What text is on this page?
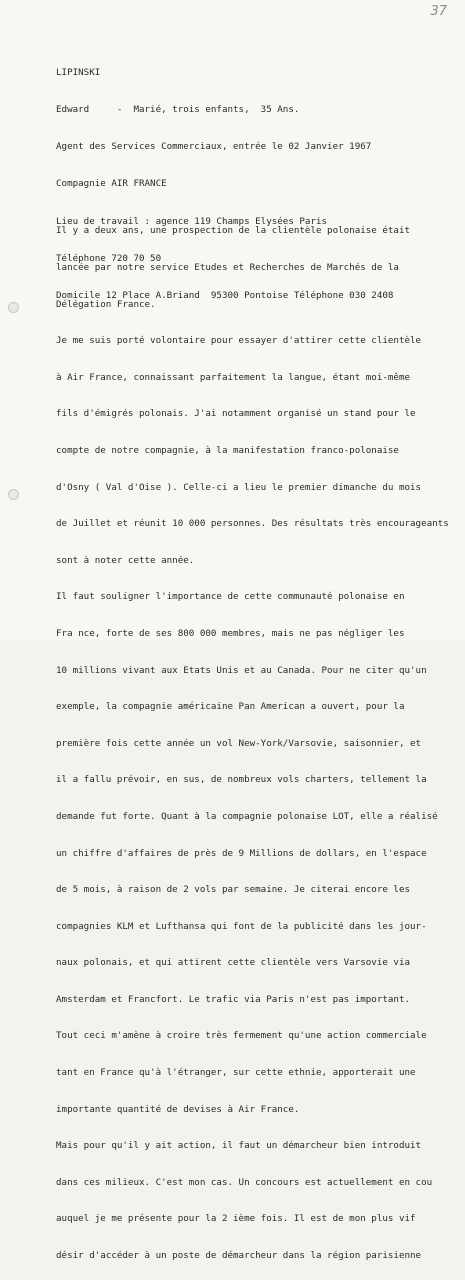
37

LIPINSKI

Edward     -  Marié, trois enfants,  35 Ans.

Agent des Services Commerciaux, entrée le 02 Janvier 1967

Compagnie AIR FRANCE

Lieu de travail : agence 119 Champs Elysées Paris

Téléphone 720 70 50

Domicile 12 Place A.Briand  95300 Pontoise Téléphone 030 2408

Il y a deux ans, une prospection de la clientèle polonaise était

lancée par notre service Etudes et Recherches de Marchés de la

Délégation France.

Je me suis porté volontaire pour essayer d'attirer cette clientèle

à Air France, connaissant parfaitement la langue, étant moi-même

fils d'émigrés polonais. J'ai notamment organisé un stand pour le

compte de notre compagnie, à la manifestation franco-polonaise

d'Osny ( Val d'Oise ). Celle-ci a lieu le premier dimanche du mois

de Juillet et réunit 10 000 personnes. Des résultats très encourageants

sont à noter cette année.

Il faut souligner l'importance de cette communauté polonaise en

Fra nce, forte de ses 800 000 membres, mais ne pas négliger les

10 millions vivant aux Etats Unis et au Canada. Pour ne citer qu'un

exemple, la compagnie américaine Pan American a ouvert, pour la

première fois cette année un vol New-York/Varsovie, saisonnier, et

il a fallu prévoir, en sus, de nombreux vols charters, tellement la

demande fut forte. Quant à la compagnie polonaise LOT, elle a réalisé

un chiffre d'affaires de près de 9 Millions de dollars, en l'espace

de 5 mois, à raison de 2 vols par semaine. Je citerai encore les

compagnies KLM et Lufthansa qui font de la publicité dans les jour-

naux polonais, et qui attirent cette clientèle vers Varsovie via

Amsterdam et Francfort. Le trafic via Paris n'est pas important.

Tout ceci m'amène à croire très fermement qu'une action commerciale

tant en France qu'à l'étranger, sur cette ethnie, apporterait une

importante quantité de devises à Air France.

Mais pour qu'il y ait action, il faut un démarcheur bien introduit

dans ces milieux. C'est mon cas. Un concours est actuellement en cou

auquel je me présente pour la 2 ième fois. Il est de mon plus vif

désir d'accéder à un poste de démarcheur dans la région parisienne
